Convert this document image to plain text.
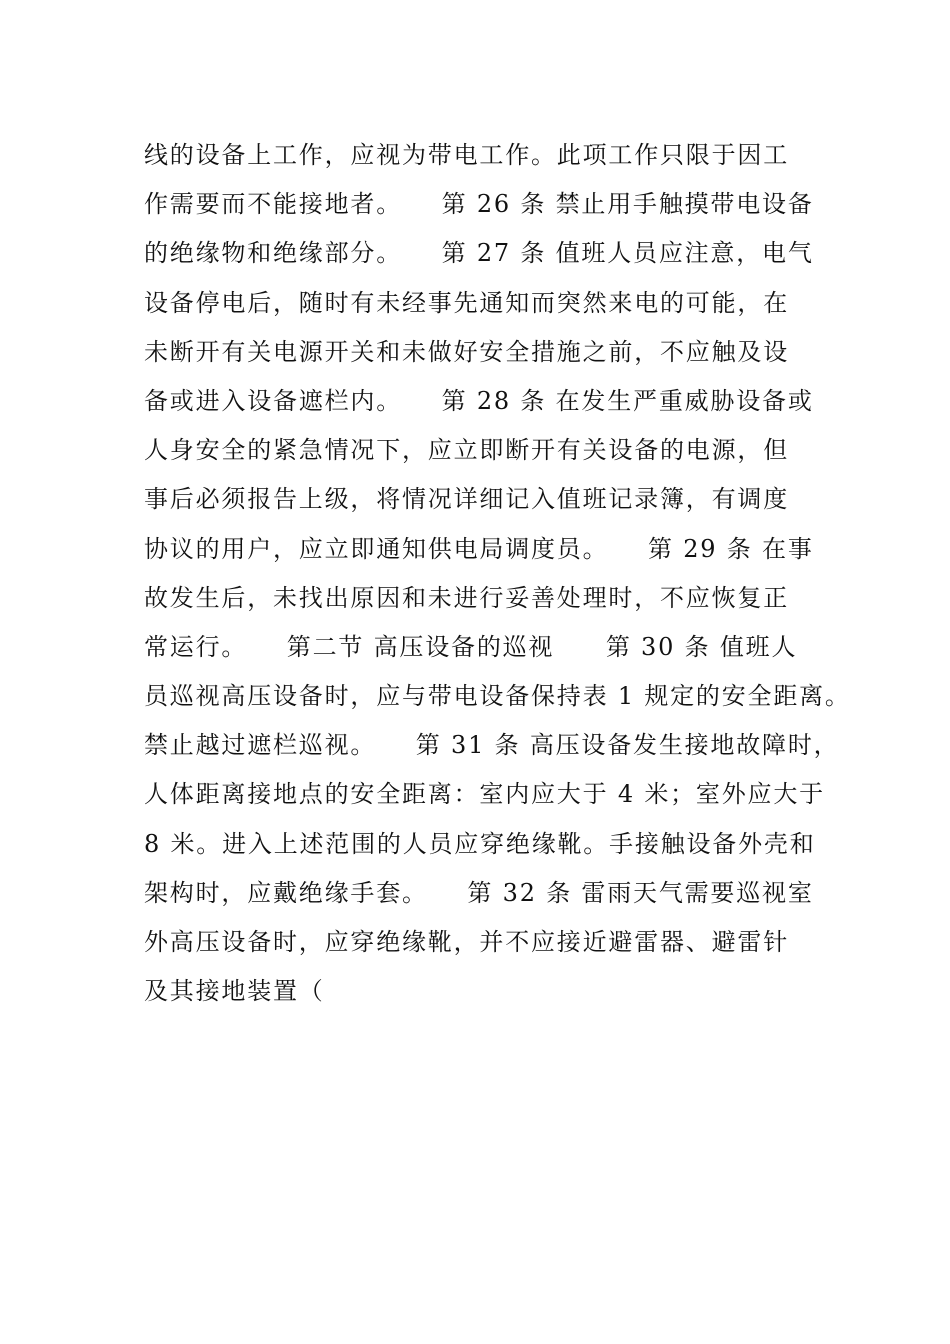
线的设备上工作，应视为带电工作。此项工作只限于因工
作需要而不能接地者。　　第 26 条 禁止用手触摸带电设备
的绝缘物和绝缘部分。　　第 27 条 值班人员应注意，电气
设备停电后，随时有未经事先通知而突然来电的可能，在
未断开有关电源开关和未做好安全措施之前，不应触及设
备或进入设备遮栏内。　　第 28 条 在发生严重威胁设备或
人身安全的紧急情况下，应立即断开有关设备的电源，但
事后必须报告上级，将情况详细记入值班记录簿，有调度
协议的用户，应立即通知供电局调度员。　　第 29 条 在事
故发生后，未找出原因和未进行妥善处理时，不应恢复正
常运行。　　第二节 高压设备的巡视　　第 30 条 值班人
员巡视高压设备时，应与带电设备保持表 1 规定的安全距离。
禁止越过遮栏巡视。　　第 31 条 高压设备发生接地故障时，
人体距离接地点的安全距离：室内应大于 4 米；室外应大于
8 米。进入上述范围的人员应穿绝缘靴。手接触设备外壳和
架构时，应戴绝缘手套。　　第 32 条 雷雨天气需要巡视室
外高压设备时，应穿绝缘靴，并不应接近避雷器、避雷针
及其接地装置（
